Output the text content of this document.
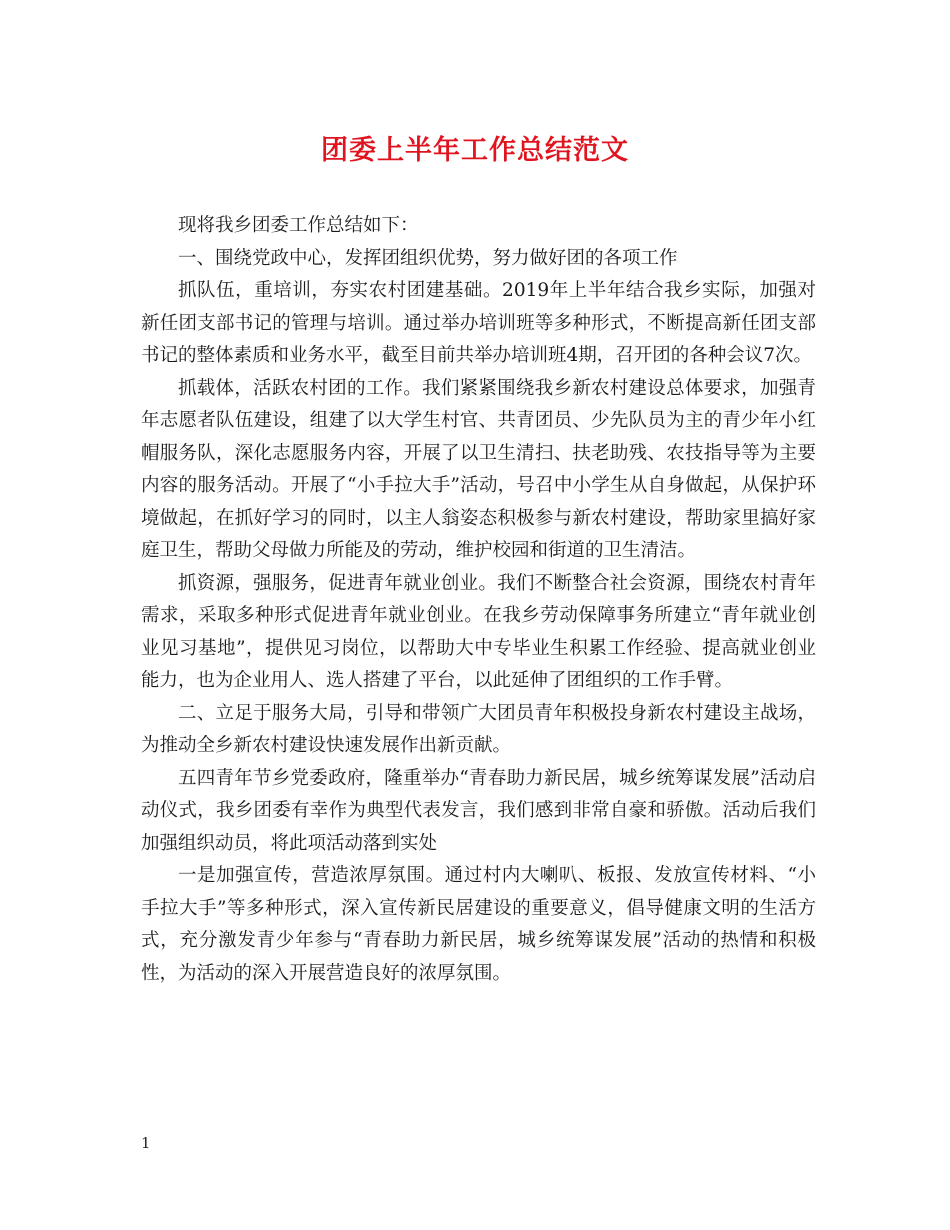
团委上半年工作总结范文

现将我乡团委工作总结如下：

一、围绕党政中心，发挥团组织优势，努力做好团的各项工作

抓队伍，重培训，夯实农村团建基础。2019年上半年结合我乡实际，加强对新任团支部书记的管理与培训。通过举办培训班等多种形式，不断提高新任团支部书记的整体素质和业务水平，截至目前共举办培训班4期，召开团的各种会议7次。

抓载体，活跃农村团的工作。我们紧紧围绕我乡新农村建设总体要求，加强青年志愿者队伍建设，组建了以大学生村官、共青团员、少先队员为主的青少年小红帽服务队，深化志愿服务内容，开展了以卫生清扫、扶老助残、农技指导等为主要内容的服务活动。开展了“小手拉大手”活动，号召中小学生从自身做起，从保护环境做起，在抓好学习的同时，以主人翁姿态积极参与新农村建设，帮助家里搞好家庭卫生，帮助父母做力所能及的劳动，维护校园和街道的卫生清洁。

抓资源，强服务，促进青年就业创业。我们不断整合社会资源，围绕农村青年需求，采取多种形式促进青年就业创业。在我乡劳动保障事务所建立“青年就业创业见习基地”，提供见习岗位，以帮助大中专毕业生积累工作经验、提高就业创业能力，也为企业用人、选人搭建了平台，以此延伸了团组织的工作手臂。

二、立足于服务大局，引导和带领广大团员青年积极投身新农村建设主战场，为推动全乡新农村建设快速发展作出新贡献。

五四青年节乡党委政府，隆重举办“青春助力新民居，城乡统筹谋发展”活动启动仪式，我乡团委有幸作为典型代表发言，我们感到非常自豪和骄傲。活动后我们加强组织动员，将此项活动落到实处

一是加强宣传，营造浓厚氛围。通过村内大喇叭、板报、发放宣传材料、“小手拉大手”等多种形式，深入宣传新民居建设的重要意义，倡导健康文明的生活方式，充分激发青少年参与“青春助力新民居，城乡统筹谋发展”活动的热情和积极性，为活动的深入开展营造良好的浓厚氛围。

1
